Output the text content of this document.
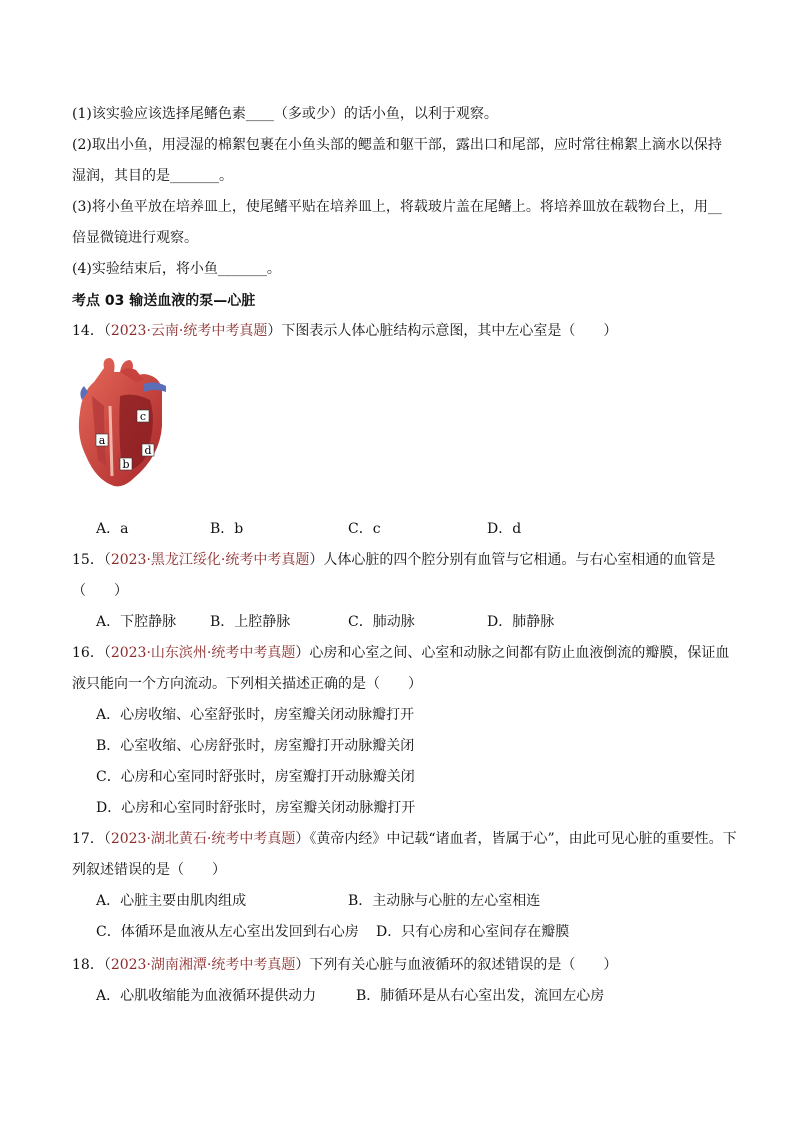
(1)该实验应该选择尾鳍色素____（多或少）的话小鱼，以利于观察。
(2)取出小鱼，用浸湿的棉絮包裹在小鱼头部的鳃盖和躯干部，露出口和尾部，应时常往棉絮上滴水以保持
湿润，其目的是_______。
(3)将小鱼平放在培养皿上，使尾鳍平贴在培养皿上，将载玻片盖在尾鳍上。将培养皿放在载物台上，用__
倍显微镜进行观察。
(4)实验结束后，将小鱼_______。
考点 03 输送血液的泵—心脏
14．（2023·云南·统考中考真题）下图表示人体心脏结构示意图，其中左心室是（　　）
a
b
c
d
A．a	B．b	C．c	D．d
15．（2023·黑龙江绥化·统考中考真题）人体心脏的四个腔分别有血管与它相通。与右心室相通的血管是
（　　）
A．下腔静脉 B．上腔静脉	C．肺动脉	D．肺静脉
16．（2023·山东滨州·统考中考真题）心房和心室之间、心室和动脉之间都有防止血液倒流的瓣膜，保证血
液只能向一个方向流动。下列相关描述正确的是（　　）
A．心房收缩、心室舒张时，房室瓣关闭动脉瓣打开
B．心室收缩、心房舒张时，房室瓣打开动脉瓣关闭
C．心房和心室同时舒张时，房室瓣打开动脉瓣关闭
D．心房和心室同时舒张时，房室瓣关闭动脉瓣打开
17．（2023·湖北黄石·统考中考真题）《黄帝内经》中记载“诸血者，皆属于心”，由此可见心脏的重要性。下
列叙述错误的是（　　）
A．心脏主要由肌肉组成	B．主动脉与心脏的左心室相连
C．体循环是血液从左心室出发回到右心房 D．只有心房和心室间存在瓣膜
18．（2023·湖南湘潭·统考中考真题）下列有关心脏与血液循环的叙述错误的是（　　）
A．心肌收缩能为血液循环提供动力	B．肺循环是从右心室出发，流回左心房
